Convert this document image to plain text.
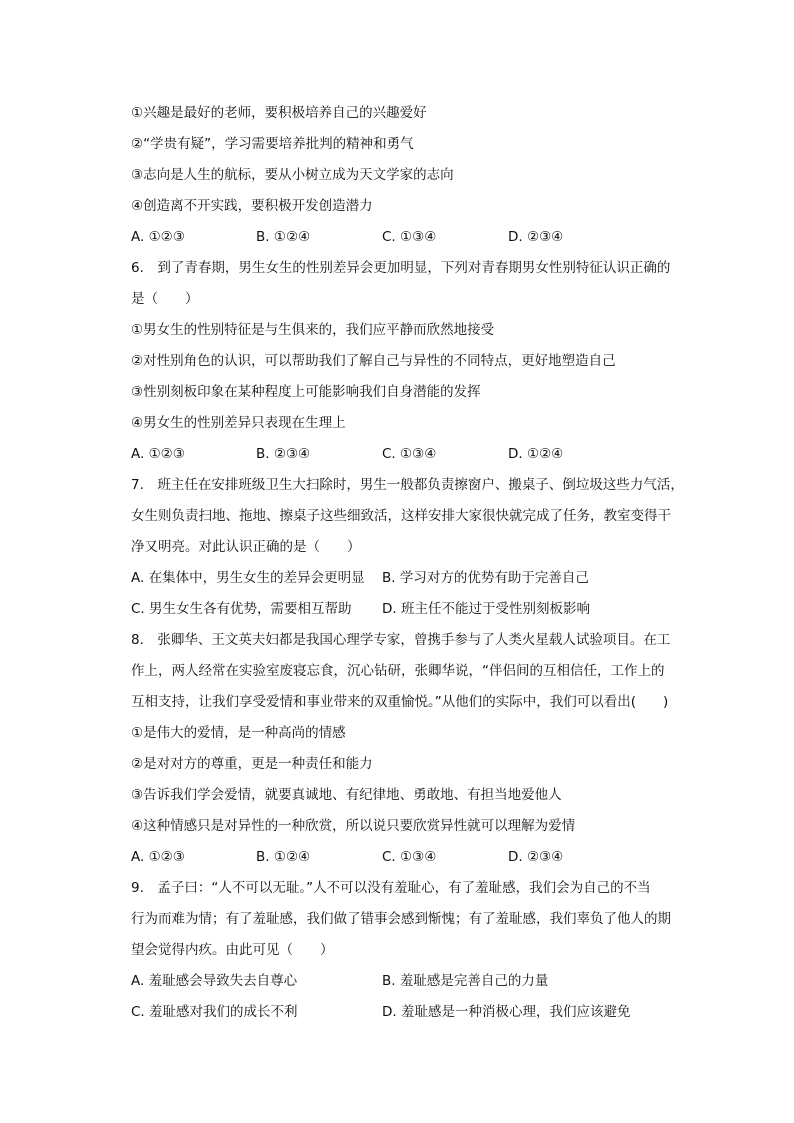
①兴趣是最好的老师，要积极培养自己的兴趣爱好
②“学贵有疑”，学习需要培养批判的精神和勇气
③志向是人生的航标，要从小树立成为天文学家的志向
④创造离不开实践，要积极开发创造潜力
A. ①②③	B. ①②④	C. ①③④	D. ②③④
6.　到了青春期，男生女生的性别差异会更加明显，下列对青春期男女性别特征认识正确的
是（　　）
①男女生的性别特征是与生俱来的，我们应平静而欣然地接受
②对性别角色的认识，可以帮助我们了解自己与异性的不同特点，更好地塑造自己
③性别刻板印象在某种程度上可能影响我们自身潜能的发挥
④男女生的性别差异只表现在生理上
A. ①②③	B. ②③④	C. ①③④	D. ①②④
7.　班主任在安排班级卫生大扫除时，男生一般都负责擦窗户、搬桌子、倒垃圾这些力气活，
女生则负责扫地、拖地、擦桌子这些细致活，这样安排大家很快就完成了任务，教室变得干
净又明亮。对此认识正确的是（　　）
A. 在集体中，男生女生的差异会更明显 B. 学习对方的优势有助于完善自己
C. 男生女生各有优势，需要相互帮助 D. 班主任不能过于受性别刻板影响
8.　张卿华、王文英夫妇都是我国心理学专家，曾携手参与了人类火星载人试验项目。在工
作上，两人经常在实验室废寝忘食，沉心钻研，张卿华说，“伴侣间的互相信任，工作上的
互相支持，让我们享受爱情和事业带来的双重愉悦。”从他们的实际中，我们可以看出(　　)
①是伟大的爱情，是一种高尚的情感
②是对对方的尊重，更是一种责任和能力
③告诉我们学会爱情，就要真诚地、有纪律地、勇敢地、有担当地爱他人
④这种情感只是对异性的一种欣赏，所以说只要欣赏异性就可以理解为爱情
A. ①②③	B. ①②④	C. ①③④	D. ②③④
9.　孟子曰：“人不可以无耻。”人不可以没有羞耻心，有了羞耻感，我们会为自己的不当
行为而难为情；有了羞耻感，我们做了错事会感到惭愧；有了羞耻感，我们辜负了他人的期
望会觉得内疚。由此可见（　　）
A. 羞耻感会导致失去自尊心	B. 羞耻感是完善自己的力量
C. 羞耻感对我们的成长不利	D. 羞耻感是一种消极心理，我们应该避免
